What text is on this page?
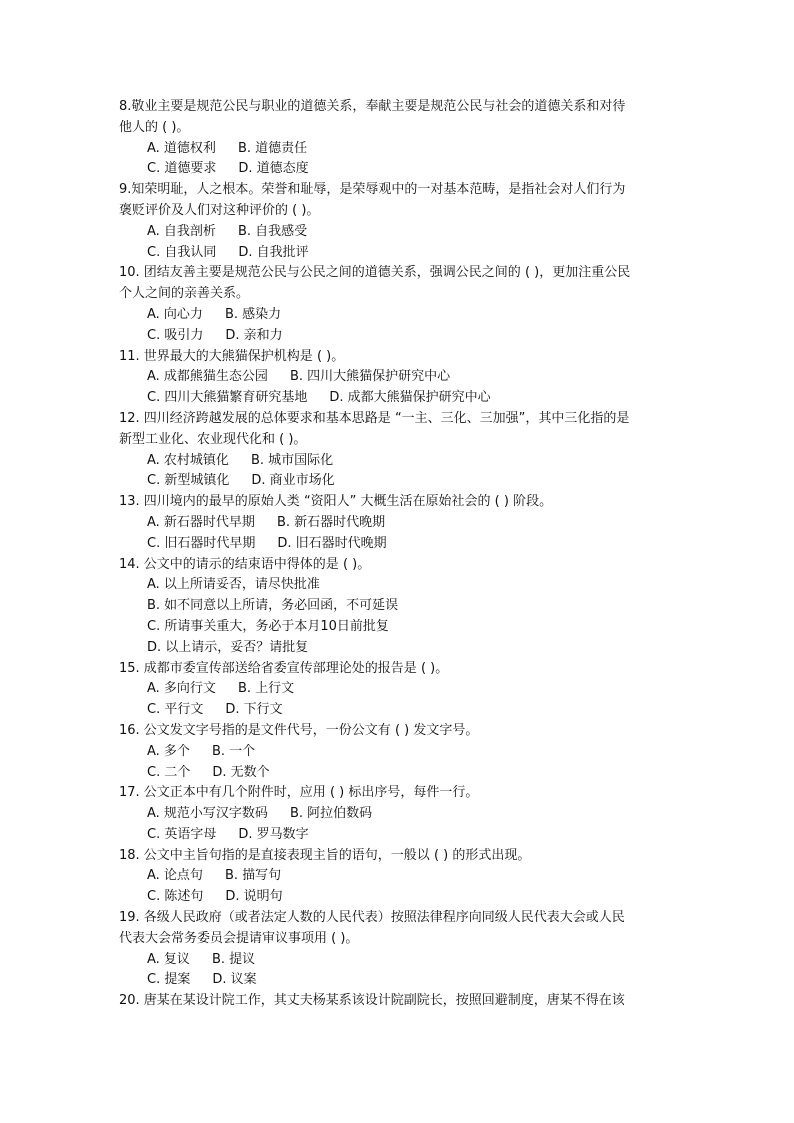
8.敬业主要是规范公民与职业的道德关系，奉献主要是规范公民与社会的道德关系和对待
他人的 ( )。
A. 道德权利 B. 道德责任
C. 道德要求 D. 道德态度
9.知荣明耻，人之根本。荣誉和耻辱，是荣辱观中的一对基本范畴，是指社会对人们行为
褒贬评价及人们对这种评价的 ( )。
A. 自我剖析 B. 自我感受
C. 自我认同 D. 自我批评
10. 团结友善主要是规范公民与公民之间的道德关系，强调公民之间的 ( )，更加注重公民
个人之间的亲善关系。
A. 向心力 B. 感染力
C. 吸引力 D. 亲和力
11. 世界最大的大熊猫保护机构是 ( )。
A. 成都熊猫生态公园 B. 四川大熊猫保护研究中心
C. 四川大熊猫繁育研究基地 D. 成都大熊猫保护研究中心
12. 四川经济跨越发展的总体要求和基本思路是 “一主、三化、三加强”，其中三化指的是
新型工业化、农业现代化和 ( )。
A. 农村城镇化 B. 城市国际化
C. 新型城镇化 D. 商业市场化
13. 四川境内的最早的原始人类 “资阳人” 大概生活在原始社会的 ( ) 阶段。
A. 新石器时代早期 B. 新石器时代晚期
C. 旧石器时代早期 D. 旧石器时代晚期
14. 公文中的请示的结束语中得体的是 ( )。
A. 以上所请妥否，请尽快批准
B. 如不同意以上所请，务必回函，不可延误
C. 所请事关重大，务必于本月10日前批复
D. 以上请示，妥否？请批复
15. 成都市委宣传部送给省委宣传部理论处的报告是 ( )。
A. 多向行文 B. 上行文
C. 平行文 D. 下行文
16. 公文发文字号指的是文件代号，一份公文有 ( ) 发文字号。
A. 多个 B. 一个
C. 二个 D. 无数个
17. 公文正本中有几个附件时，应用 ( ) 标出序号，每件一行。
A. 规范小写汉字数码 B. 阿拉伯数码
C. 英语字母 D. 罗马数字
18. 公文中主旨句指的是直接表现主旨的语句，一般以 ( ) 的形式出现。
A. 论点句 B. 描写句
C. 陈述句 D. 说明句
19. 各级人民政府（或者法定人数的人民代表）按照法律程序向同级人民代表大会或人民
代表大会常务委员会提请审议事项用 ( )。
A. 复议 B. 提议
C. 提案 D. 议案
20. 唐某在某设计院工作，其丈夫杨某系该设计院副院长，按照回避制度，唐某不得在该
